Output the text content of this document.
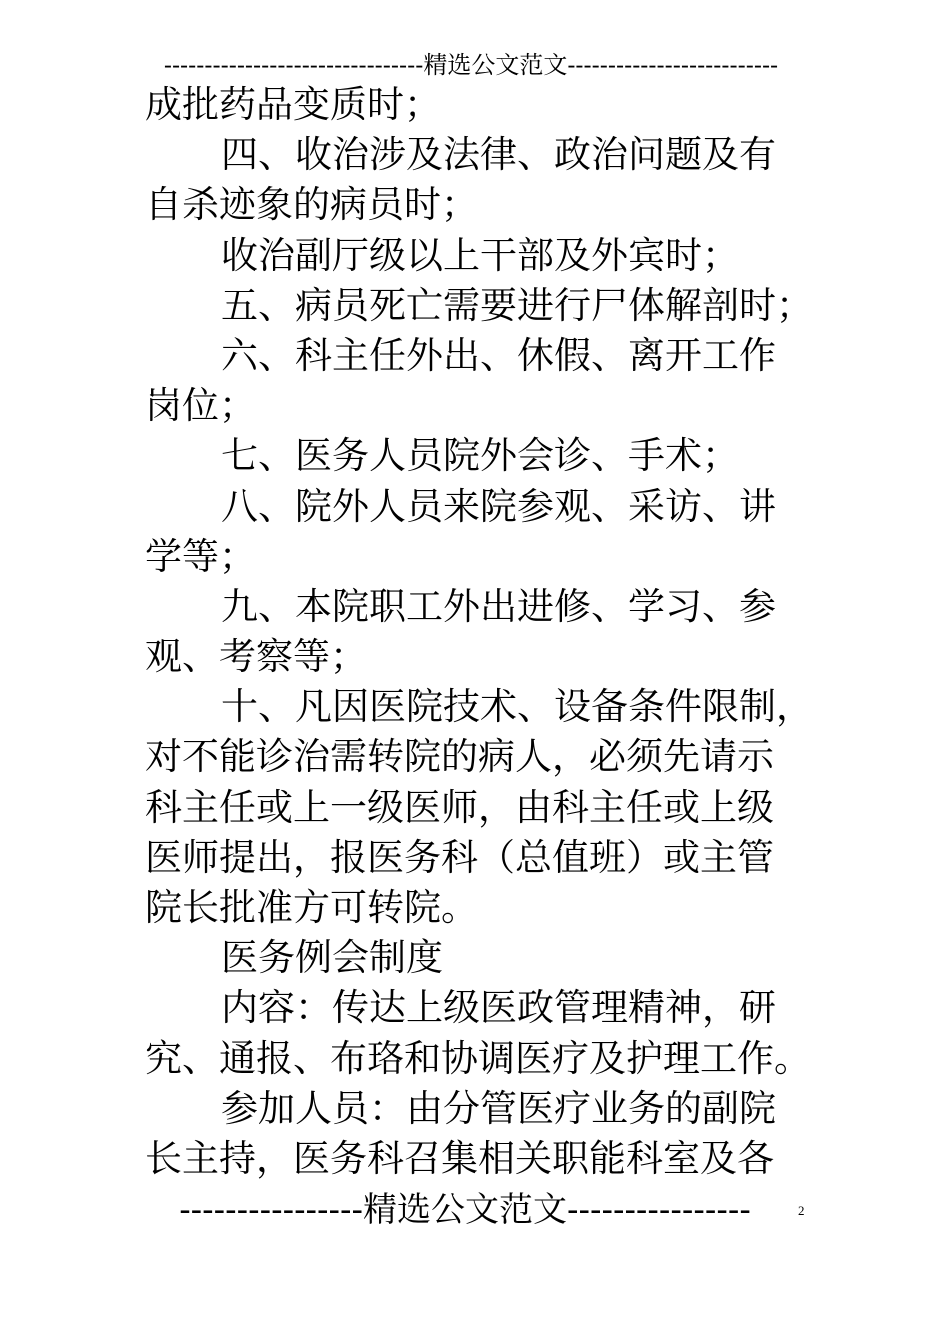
--------------------------------精选公文范文--------------------------
成批药品变质时；
四、收治涉及法律、政治问题及有
自杀迹象的病员时；
收治副厅级以上干部及外宾时；
五、病员死亡需要进行尸体解剖时；
六、科主任外出、休假、离开工作
岗位；
七、医务人员院外会诊、手术；
八、院外人员来院参观、采访、讲
学等；
九、本院职工外出进修、学习、参
观、考察等；
十、凡因医院技术、设备条件限制，
对不能诊治需转院的病人，必须先请示
科主任或上一级医师，由科主任或上级
医师提出，报医务科（总值班）或主管
院长批准方可转院。
医务例会制度
内容：传达上级医政管理精神，研
究、通报、布珞和协调医疗及护理工作。
参加人员：由分管医疗业务的副院
长主持，医务科召集相关职能科室及各
----------------精选公文范文----------------	2
